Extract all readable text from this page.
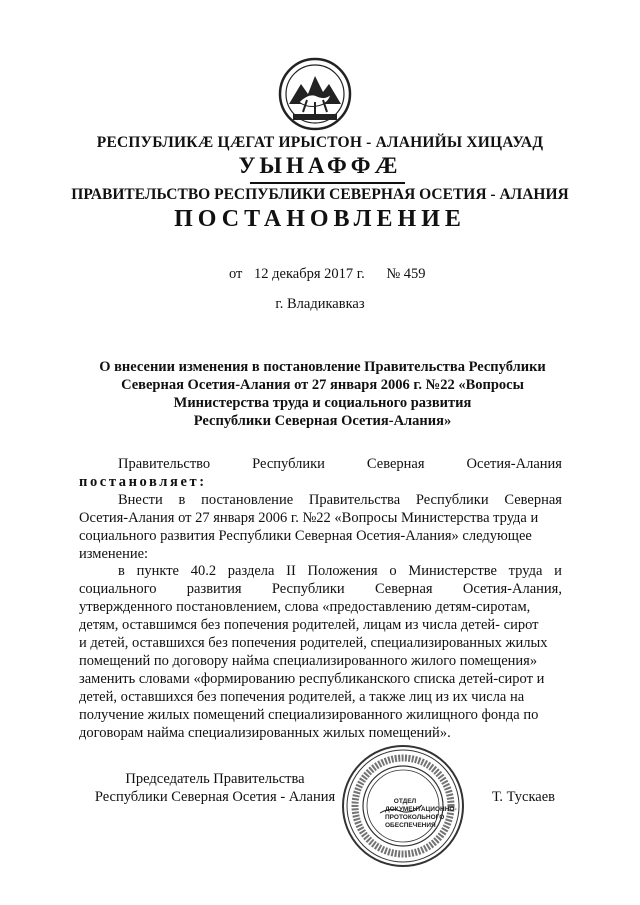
РЕСПУБЛИКÆ ЦÆГАТ ИРЫСТОН - АЛАНИЙЫ ХИЦАУАД
УЫНАФФÆ
ПРАВИТЕЛЬСТВО РЕСПУБЛИКИ СЕВЕРНАЯ ОСЕТИЯ - АЛАНИЯ
ПОСТАНОВЛЕНИЕ
от 12 декабря 2017 г. № 459
г. Владикавказ
О внесении изменения в постановление Правительства Республики
Северная Осетия-Алания от 27 января 2006 г. №22 «Вопросы
Министерства труда и социального развития
Республики Северная Осетия-Алания»
Правительство	Республики	Северная	Осетия-Алания
постановляет:
Внести в постановление Правительства Республики Северная
Осетия-Алания от 27 января 2006 г. №22 «Вопросы Министерства труда и
социального развития Республики Северная Осетия-Алания» следующее
изменение:
в пункте 40.2 раздела II Положения о Министерстве труда и
социального развития Республики Северная Осетия-Алания,
утвержденного постановлением, слова «предоставлению детям-сиротам,
детям, оставшимся без попечения родителей, лицам из числа детей- сирот
и детей, оставшихся без попечения родителей, специализированных жилых
помещений по договору найма специализированного жилого помещения»
заменить словами «формированию республиканского списка детей-сирот и
детей, оставшихся без попечения родителей, а также лиц из их числа на
получение жилых помещений специализированного жилищного фонда по
договорам найма специализированных жилых помещений».
Председатель Правительства
Республики Северная Осетия - Алания	ОТДЕЛ ДОКУМЕНТАЦИОННО- ПРОТОКОЛЬНОГО ОБЕСПЕЧЕНИЯ
Т. Тускаев
